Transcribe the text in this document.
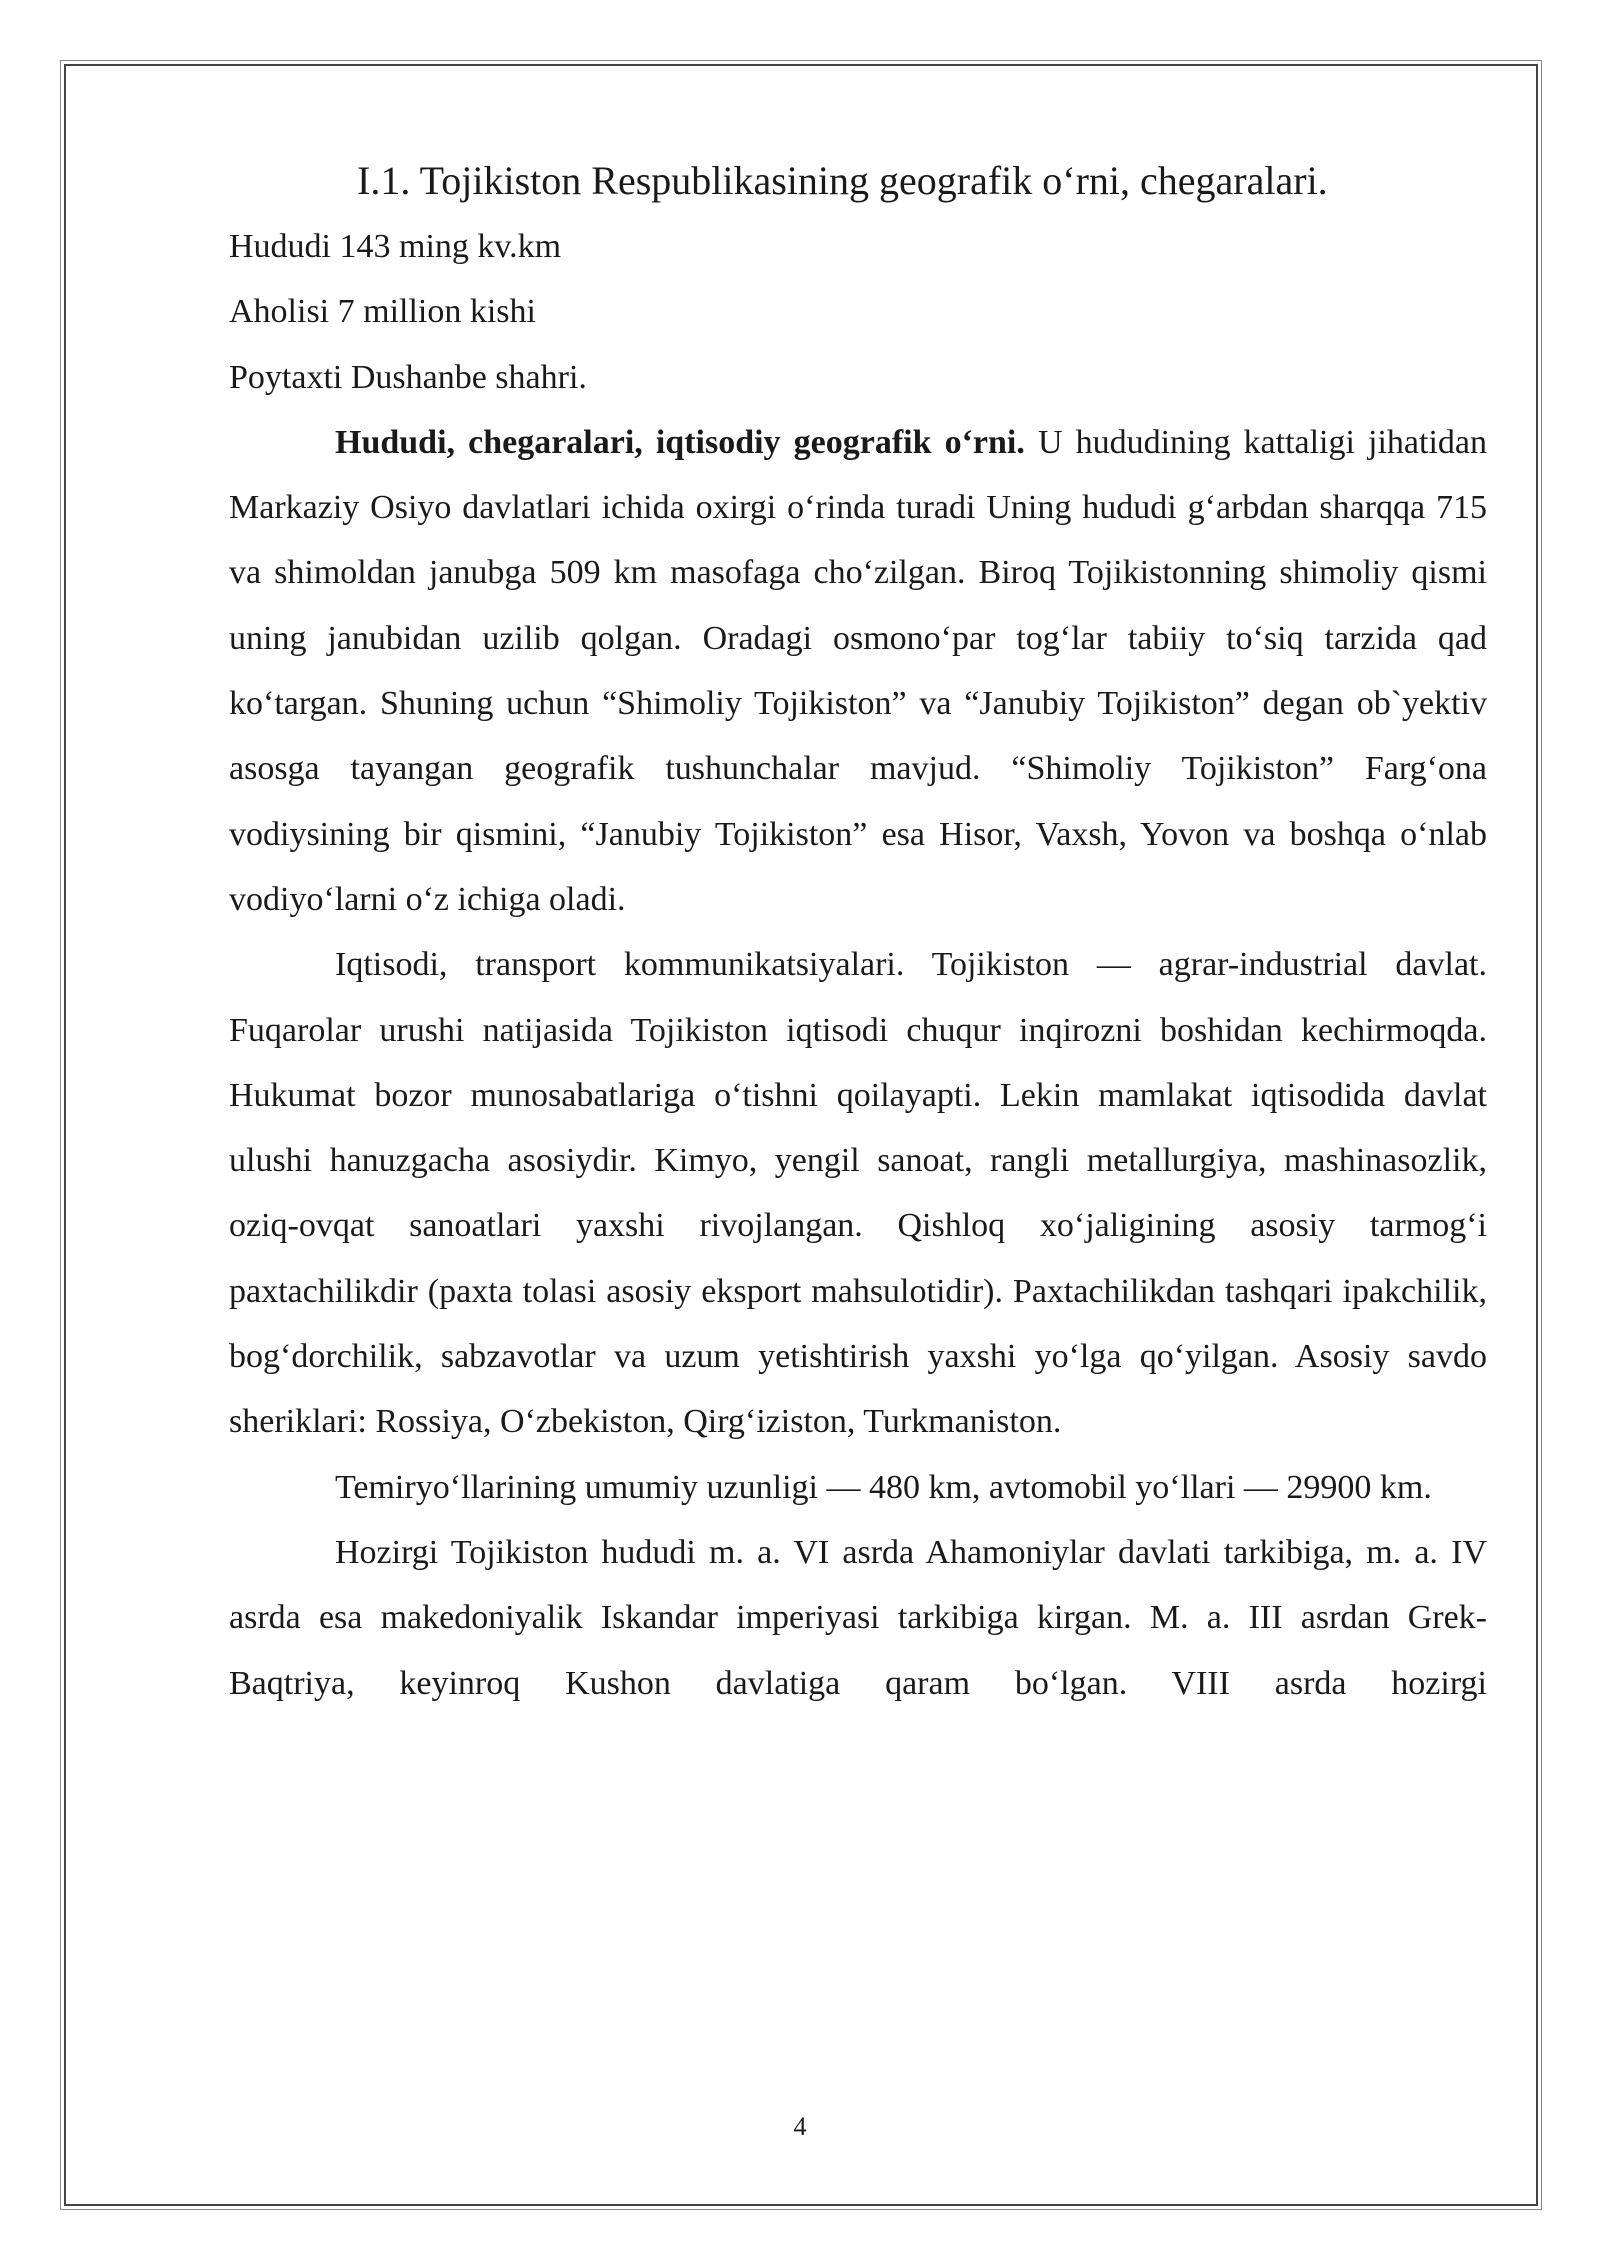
I.1. Tojikiston Respublikasining geografik o‘rni, chegaralari.

Hududi 143 ming kv.km

Aholisi 7 million kishi

Poytaxti Dushanbe shahri.

Hududi, chegaralari, iqtisodiy geografik o‘rni. U hududining kattaligi jihatidan Markaziy Osiyo davlatlari ichida oxirgi o‘rinda turadi Uning hududi g‘arbdan sharqqa 715 va shimoldan janubga 509 km masofaga cho‘zilgan. Biroq Tojikistonning shimoliy qismi uning janubidan uzilib qolgan. Oradagi osmono‘par tog‘lar tabiiy to‘siq tarzida qad ko‘targan. Shuning uchun “Shimoliy Tojikiston” va “Janubiy Tojikiston” degan ob`yektiv asosga tayangan geografik tushunchalar mavjud. “Shimoliy Tojikiston” Farg‘ona vodiysining bir qismini, “Janubiy Tojikiston” esa Hisor, Vaxsh, Yovon va boshqa o‘nlab vodiyo‘larni o‘z ichiga oladi.

Iqtisodi, transport kommunikatsiyalari. Tojikiston — agrar-industrial davlat. Fuqarolar urushi natijasida Tojikiston iqtisodi chuqur inqirozni boshidan kechirmoqda. Hukumat bozor munosabatlariga o‘tishni qoilayapti. Lekin mamlakat iqtisodida davlat ulushi hanuzgacha asosiydir. Kimyo, yengil sanoat, rangli metallurgiya, mashinasozlik, oziq-ovqat sanoatlari yaxshi rivojlangan. Qishloq xo‘jaligining asosiy tarmog‘i paxtachilikdir (paxta tolasi asosiy eksport mahsulotidir). Paxtachilikdan tashqari ipakchilik, bog‘dorchilik, sabzavotlar va uzum yetishtirish yaxshi yo‘lga qo‘yilgan. Asosiy savdo sheriklari: Rossiya, O‘zbekiston, Qirg‘iziston, Turkmaniston.

Temiryo‘llarining umumiy uzunligi — 480 km, avtomobil yo‘llari — 29900 km.

Hozirgi Tojikiston hududi m. a. VI asrda Ahamoniylar davlati tarkibiga, m. a. IV asrda esa makedoniyalik Iskandar imperiyasi tarkibiga kirgan. M. a. III asrdan Grek-Baqtriya, keyinroq Kushon davlatiga qaram bo‘lgan. VIII asrda hozirgi

4
